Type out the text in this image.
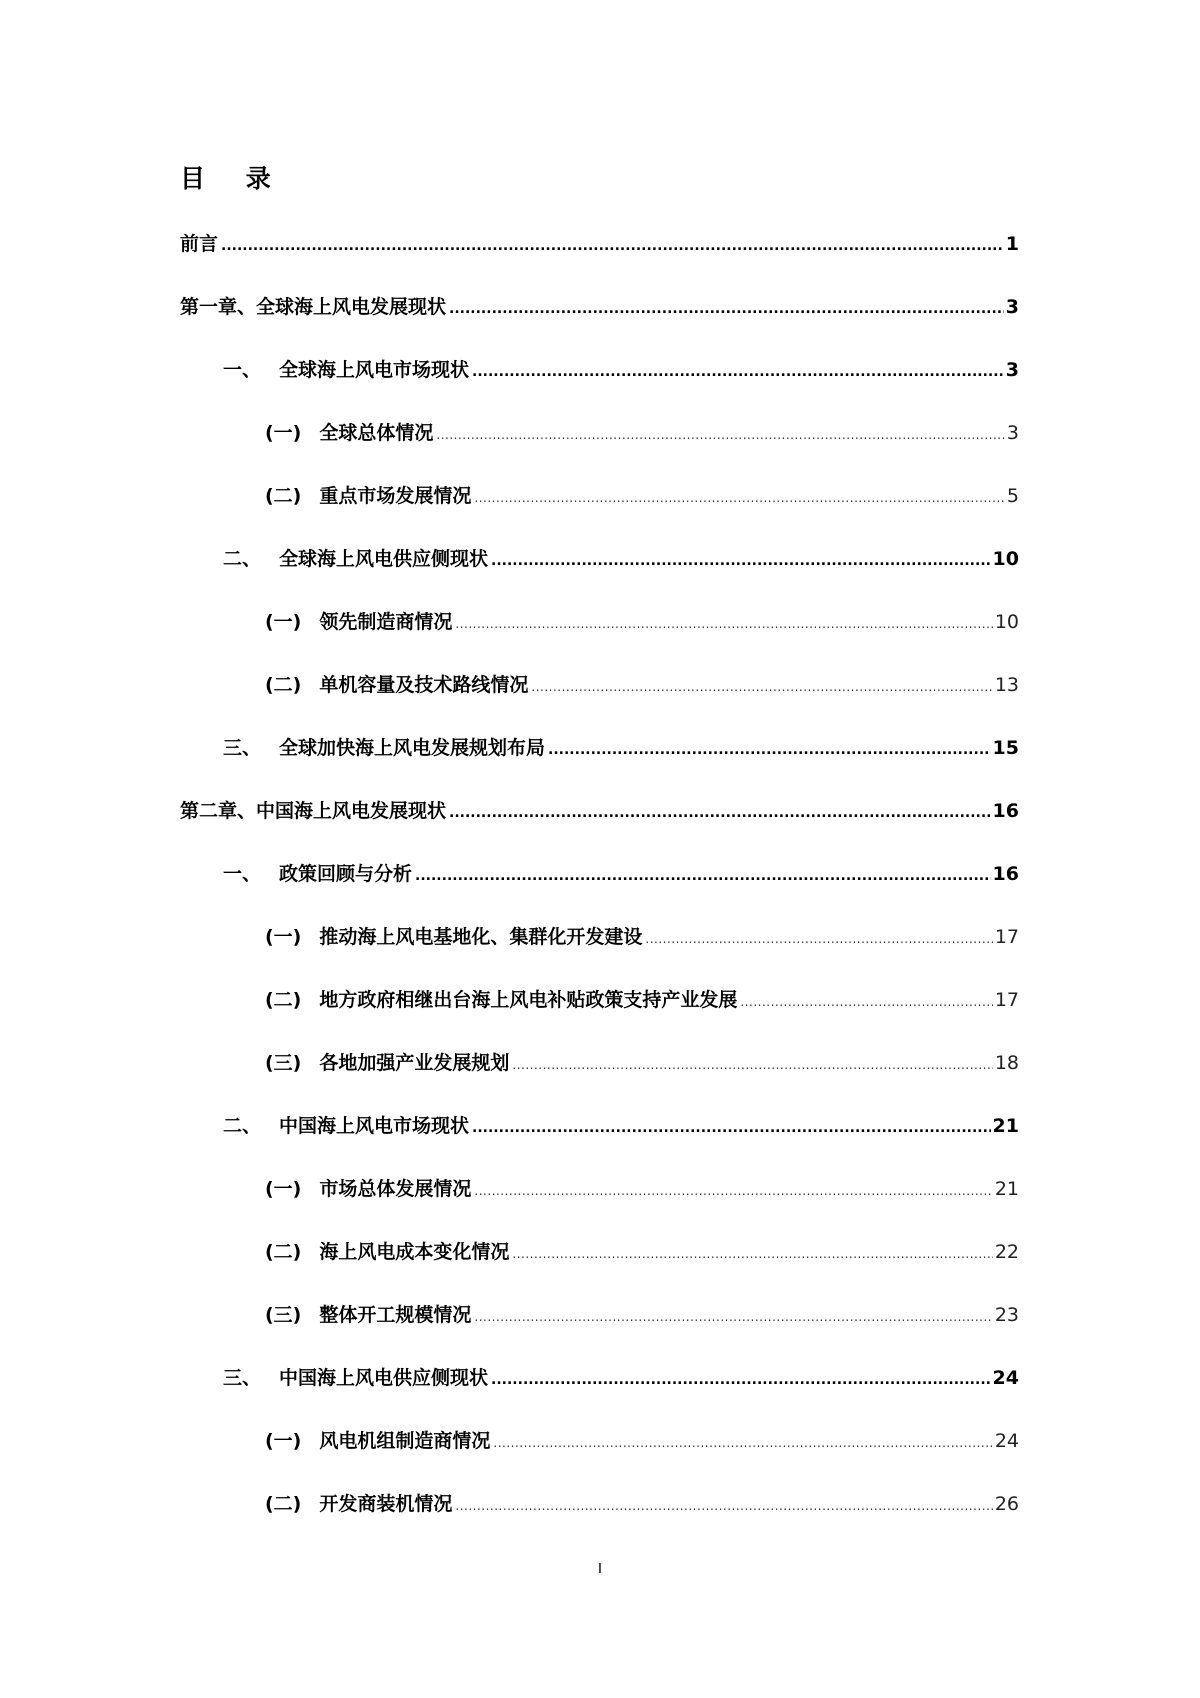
目 录
前言 .....	1
第一章、全球海上风电发展现状 .....	3
一、 全球海上风电市场现状 .....	3
(一) 全球总体情况 .....	3
(二) 重点市场发展情况 .....	5
二、 全球海上风电供应侧现状 .....	10
(一) 领先制造商情况 .....	10
(二) 单机容量及技术路线情况 .....	13
三、 全球加快海上风电发展规划布局 .....	15
第二章、中国海上风电发展现状 .....	16
一、 政策回顾与分析 .....	16
(一) 推动海上风电基地化、集群化开发建设 .....	17
(二) 地方政府相继出台海上风电补贴政策支持产业发展 .....	17
(三) 各地加强产业发展规划 .....	18
二、 中国海上风电市场现状 .....	21
(一) 市场总体发展情况 .....	21
(二) 海上风电成本变化情况 .....	22
(三) 整体开工规模情况 .....	23
三、 中国海上风电供应侧现状 .....	24
(一) 风电机组制造商情况 .....	24
(二) 开发商装机情况 .....	26
I
